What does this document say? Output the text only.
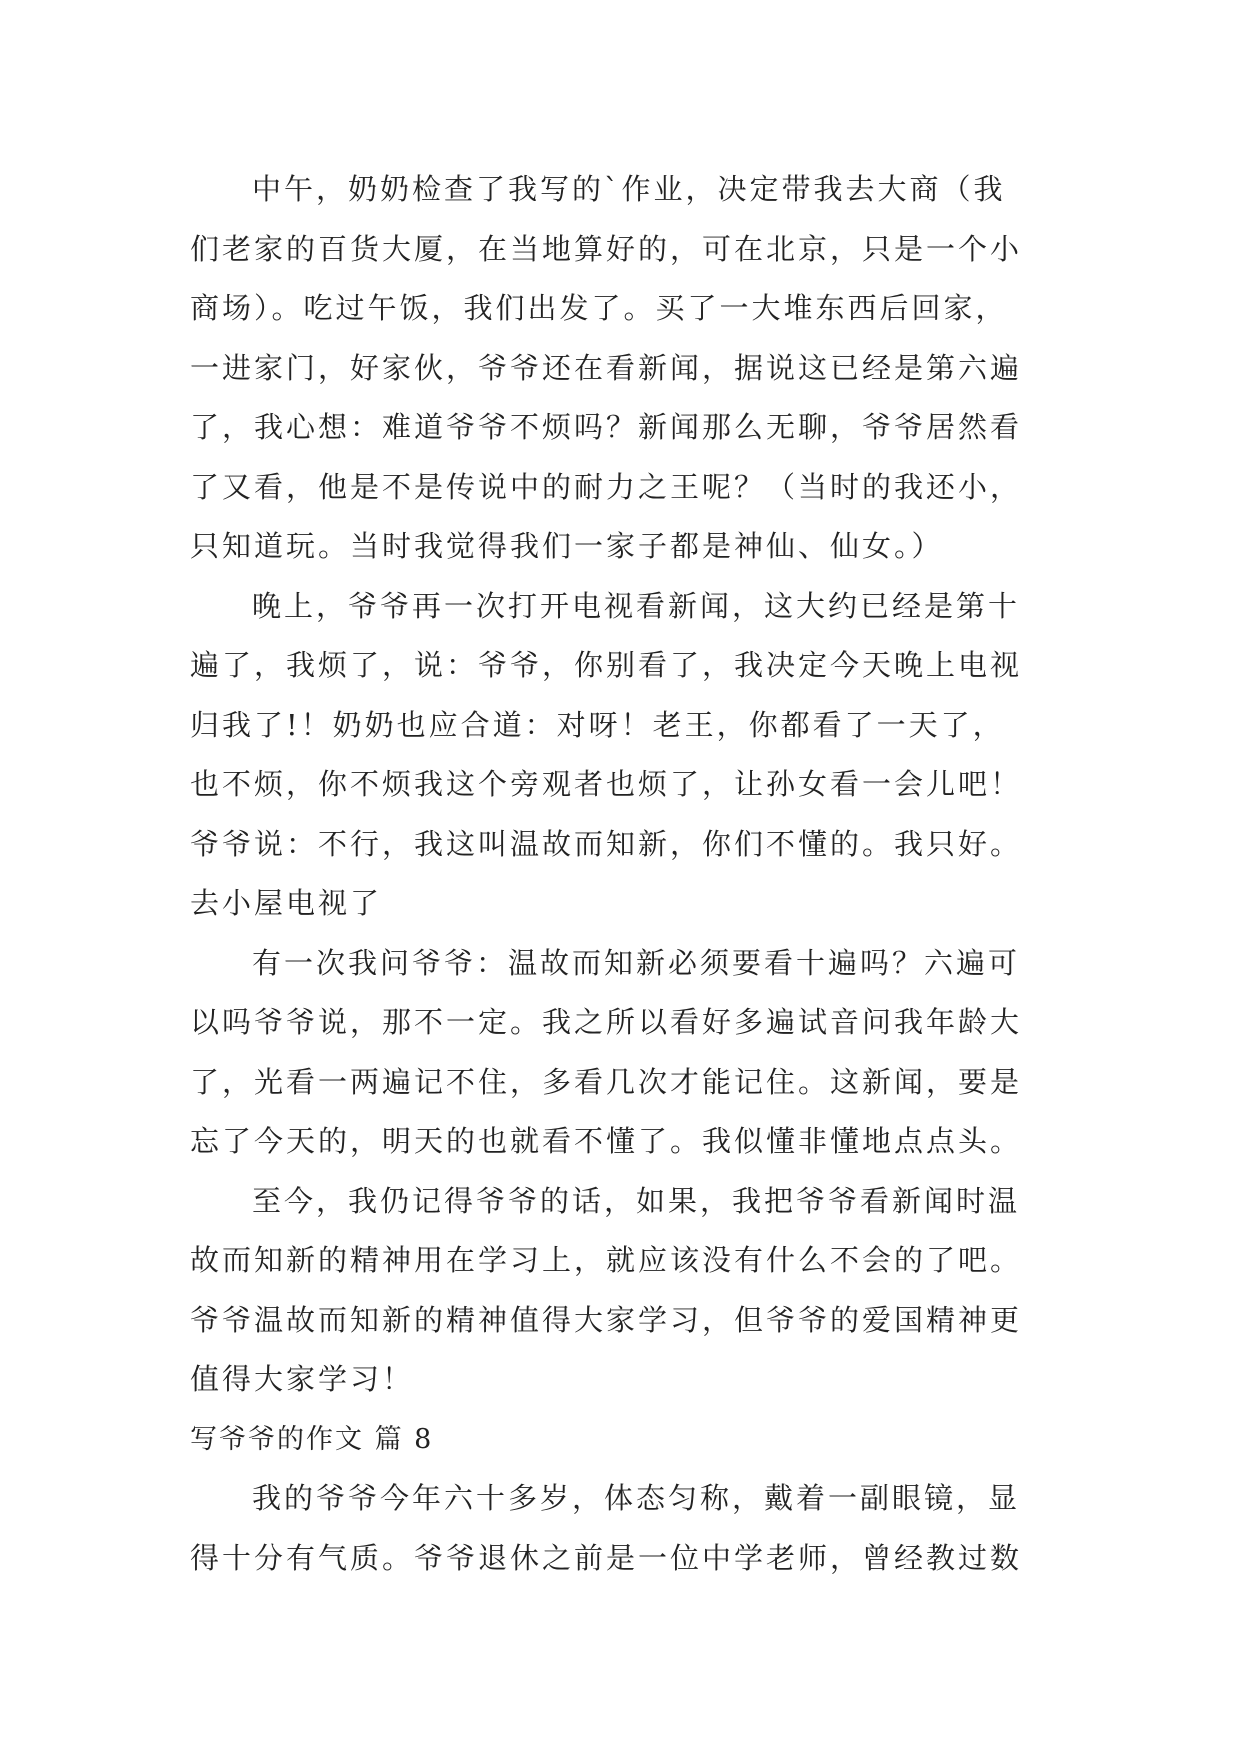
中午，奶奶检查了我写的`作业，决定带我去大商（我
们老家的百货大厦，在当地算好的，可在北京，只是一个小
商场）。吃过午饭，我们出发了。买了一大堆东西后回家，
一进家门，好家伙，爷爷还在看新闻，据说这已经是第六遍
了，我心想：难道爷爷不烦吗？新闻那么无聊，爷爷居然看
了又看，他是不是传说中的耐力之王呢？（当时的我还小，
只知道玩。当时我觉得我们一家子都是神仙、仙女。）
晚上，爷爷再一次打开电视看新闻，这大约已经是第十
遍了，我烦了，说：爷爷，你别看了，我决定今天晚上电视
归我了!！奶奶也应合道：对呀！老王，你都看了一天了，
也不烦，你不烦我这个旁观者也烦了，让孙女看一会儿吧！
爷爷说：不行，我这叫温故而知新，你们不懂的。我只好。
去小屋电视了
有一次我问爷爷：温故而知新必须要看十遍吗？六遍可
以吗爷爷说，那不一定。我之所以看好多遍试音问我年龄大
了，光看一两遍记不住，多看几次才能记住。这新闻，要是
忘了今天的，明天的也就看不懂了。我似懂非懂地点点头。
至今，我仍记得爷爷的话，如果，我把爷爷看新闻时温
故而知新的精神用在学习上，就应该没有什么不会的了吧。
爷爷温故而知新的精神值得大家学习，但爷爷的爱国精神更
值得大家学习！
写爷爷的作文 篇 8
我的爷爷今年六十多岁，体态匀称，戴着一副眼镜，显
得十分有气质。爷爷退休之前是一位中学老师，曾经教过数
